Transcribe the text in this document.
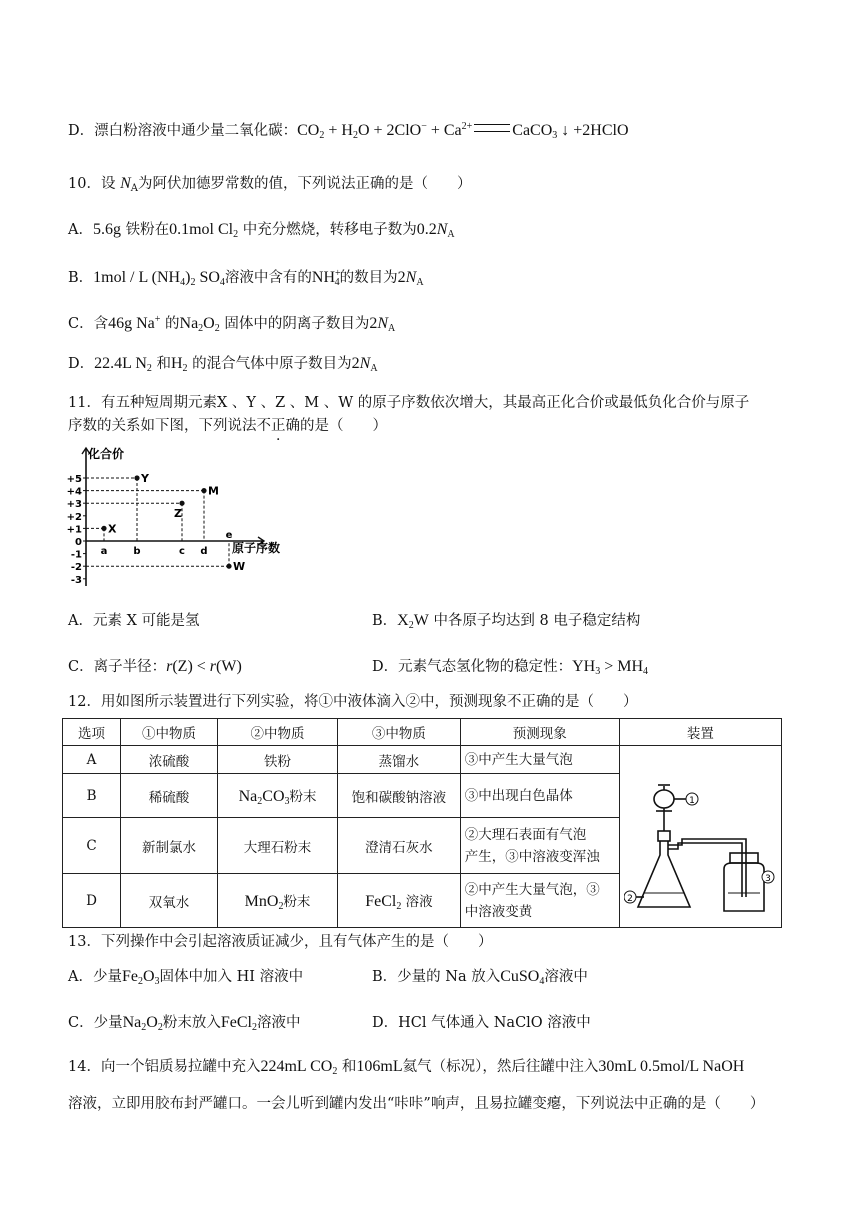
D．漂白粉溶液中通少量二氧化碳：$CO_2 + H_2O + 2ClO^- + Ca^{2+}$	CaCO$_3$ ↓ +2HClO
10．设 $N_A$为阿伏加德罗常数的值，下列说法正确的是（　　）
A．5.6g 铁粉在0.1mol $Cl_2$ 中充分燃烧，转移电子数为$0.2N_A$
B．1mol / L $(NH_4)_2$ $SO_4$溶液中含有的$NH^+_4$的数目为$2N_A$
C．含46g Na+ 的$Na_2O_2$ 固体中的阴离子数目为$2N_A$
D．22.4L $N_2$ 和$H_2$ 的混合气体中原子数目为$2N_A$
11．有五种短周期元素X 、Y 、Z 、M 、W 的原子序数依次增大，其最高正化合价或最低负化合价与原子
序数的关系如下图，下列说法不正确的是（　　）
+5
+4
+3
+2
+1
0
-1
-2
-3
a	b	c d
e
X
Y
Z
M
W
化合价
原子序数
A．元素 X 可能是氢	B．$X_2W$ 中各原子均达到 8 电子稳定结构
C．离子半径：r(Z) < r(W)	D．元素气态氢化物的稳定性：$YH_3 > MH_4$
12．用如图所示装置进行下列实验，将①中液体滴入②中，预测现象不正确的是（　　）
选项	①中物质	②中物质	③中物质	预测现象	装置
A	浓硫酸	铁粉	蒸馏水	③中产生大量气泡	1
2
3

B	稀硫酸	$Na_2CO_3$粉末	饱和碳酸钠溶液	③中出现白色晶体	
C	新制氯水	大理石粉末	澄清石灰水	②大理石表面有气泡
产生，③中溶液变浑浊	
D	双氧水	MnO$_2$粉末	FeCl$_2$ 溶液	②中产生大量气泡，③
中溶液变黄	
13．下列操作中会引起溶液质证减少，且有气体产生的是（　　）
A．少量$Fe_2O_3$固体中加入 HI 溶液中	B．少量的 Na 放入CuSO$_4$溶液中
C．少量$Na_2O_2$粉末放入FeCl$_2$溶液中	D．HCl 气体通入 NaClO 溶液中
14．向一个铝质易拉罐中充入224mL $CO_2$ 和106mL氦气（标况），然后往罐中注入30mL 0.5mol/L NaOH
溶液，立即用胶布封严罐口。一会儿听到罐内发出“咔咔”响声，且易拉罐变瘪，下列说法中正确的是（　　）
